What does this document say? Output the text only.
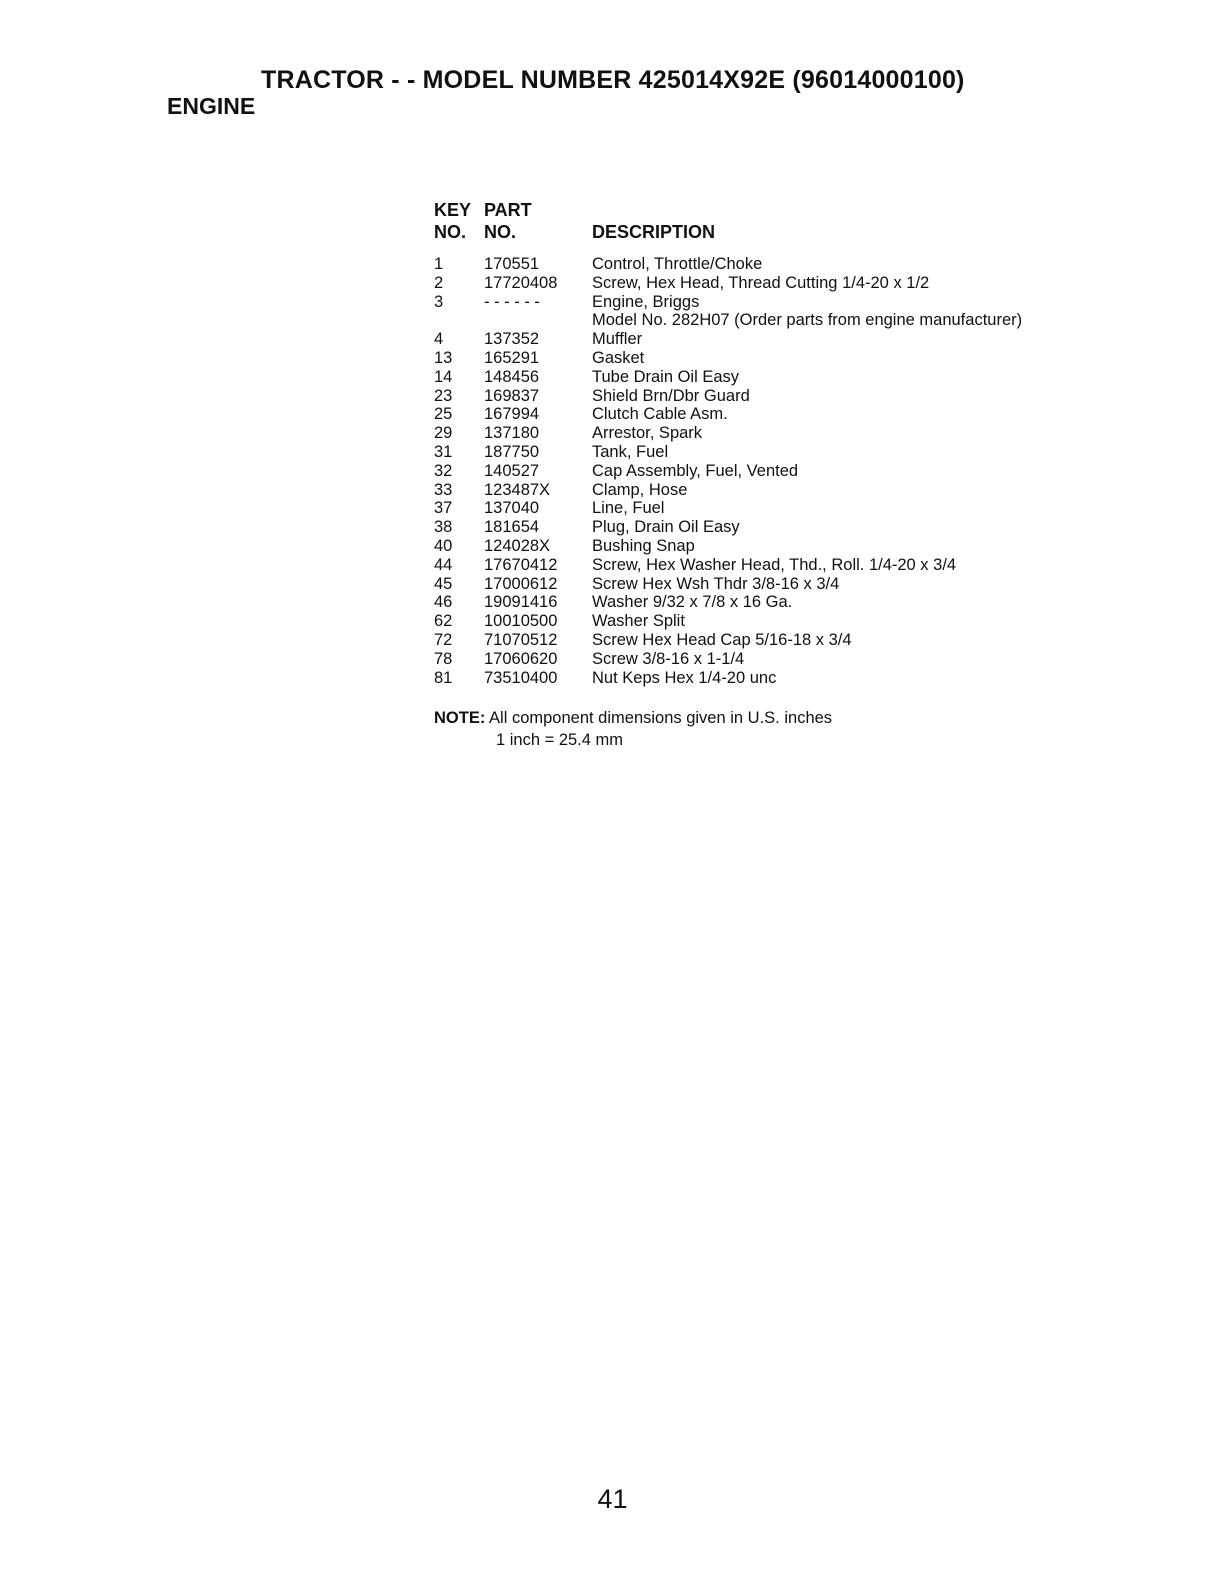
TRACTOR - - MODEL NUMBER 425014X92E (96014000100)
ENGINE
KEY
NO.
PART
NO.	DESCRIPTION
1 170551	Control, Throttle/Choke
2 17720408 Screw, Hex Head, Thread Cutting 1/4-20 x 1/2
3 - - - - - -	Engine, Briggs
Model No. 282H07 (Order parts from engine manufacturer)
4 137352	Muffler
13 165291	Gasket
14 148456	Tube Drain Oil Easy
23 169837	Shield Brn/Dbr Guard
25 167994	Clutch Cable Asm.
29 137180	Arrestor, Spark
31 187750	Tank, Fuel
32 140527	Cap Assembly, Fuel, Vented
33 123487X	Clamp, Hose
37 137040	Line, Fuel
38 181654	Plug, Drain Oil Easy
40 124028X	Bushing Snap
44 17670412 Screw, Hex Washer Head, Thd., Roll. 1/4-20 x 3/4
45 17000612 Screw Hex Wsh Thdr 3/8-16 x 3/4
46 19091416 Washer 9/32 x 7/8 x 16 Ga.
62 10010500 Washer Split
72 71070512 Screw Hex Head Cap 5/16-18 x 3/4
78 17060620 Screw 3/8-16 x 1-1/4
81 73510400 Nut Keps Hex 1/4-20 unc
NOTE: All component dimensions given in U.S. inches
1 inch = 25.4 mm
41
